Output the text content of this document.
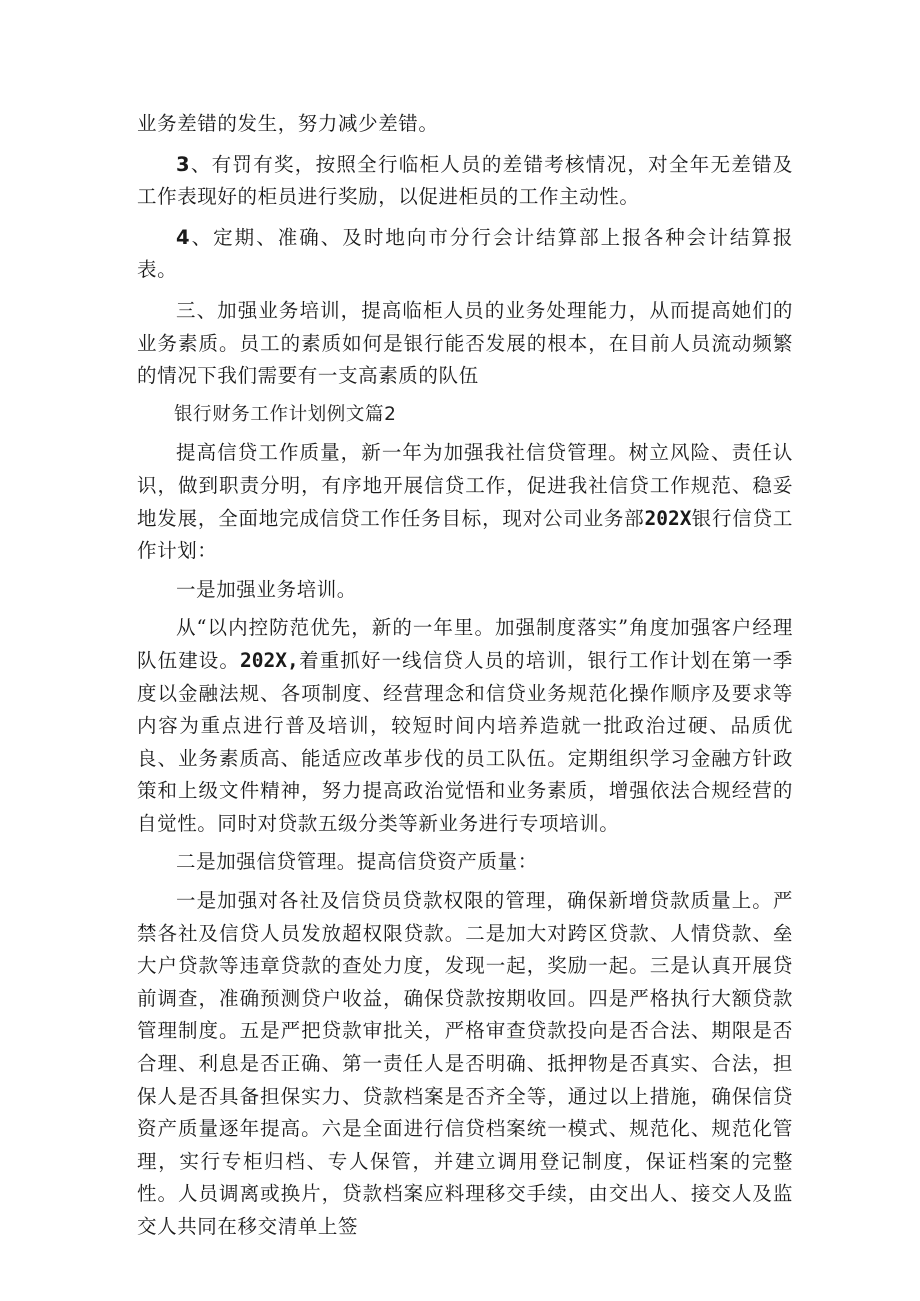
业务差错的发生，努力减少差错。

3、有罚有奖，按照全行临柜人员的差错考核情况，对全年无差错及工作表现好的柜员进行奖励，以促进柜员的工作主动性。

4、定期、准确、及时地向市分行会计结算部上报各种会计结算报表。

三、加强业务培训，提高临柜人员的业务处理能力，从而提高她们的业务素质。员工的素质如何是银行能否发展的根本，在目前人员流动频繁的情况下我们需要有一支高素质的队伍

银行财务工作计划例文篇2

提高信贷工作质量，新一年为加强我社信贷管理。树立风险、责任认识，做到职责分明，有序地开展信贷工作，促进我社信贷工作规范、稳妥地发展，全面地完成信贷工作任务目标，现对公司业务部202X银行信贷工作计划：

一是加强业务培训。

从“以内控防范优先，新的一年里。加强制度落实”角度加强客户经理队伍建设。202X,着重抓好一线信贷人员的培训，银行工作计划在第一季度以金融法规、各项制度、经营理念和信贷业务规范化操作顺序及要求等内容为重点进行普及培训，较短时间内培养造就一批政治过硬、品质优良、业务素质高、能适应改革步伐的员工队伍。定期组织学习金融方针政策和上级文件精神，努力提高政治觉悟和业务素质，增强依法合规经营的自觉性。同时对贷款五级分类等新业务进行专项培训。

二是加强信贷管理。提高信贷资产质量：

一是加强对各社及信贷员贷款权限的管理，确保新增贷款质量上。严禁各社及信贷人员发放超权限贷款。二是加大对跨区贷款、人情贷款、垒大户贷款等违章贷款的查处力度，发现一起，奖励一起。三是认真开展贷前调查，准确预测贷户收益，确保贷款按期收回。四是严格执行大额贷款管理制度。五是严把贷款审批关，严格审查贷款投向是否合法、期限是否合理、利息是否正确、第一责任人是否明确、抵押物是否真实、合法，担保人是否具备担保实力、贷款档案是否齐全等，通过以上措施，确保信贷资产质量逐年提高。六是全面进行信贷档案统一模式、规范化、规范化管理，实行专柜归档、专人保管，并建立调用登记制度，保证档案的完整性。人员调离或换片，贷款档案应料理移交手续，由交出人、接交人及监交人共同在移交清单上签
